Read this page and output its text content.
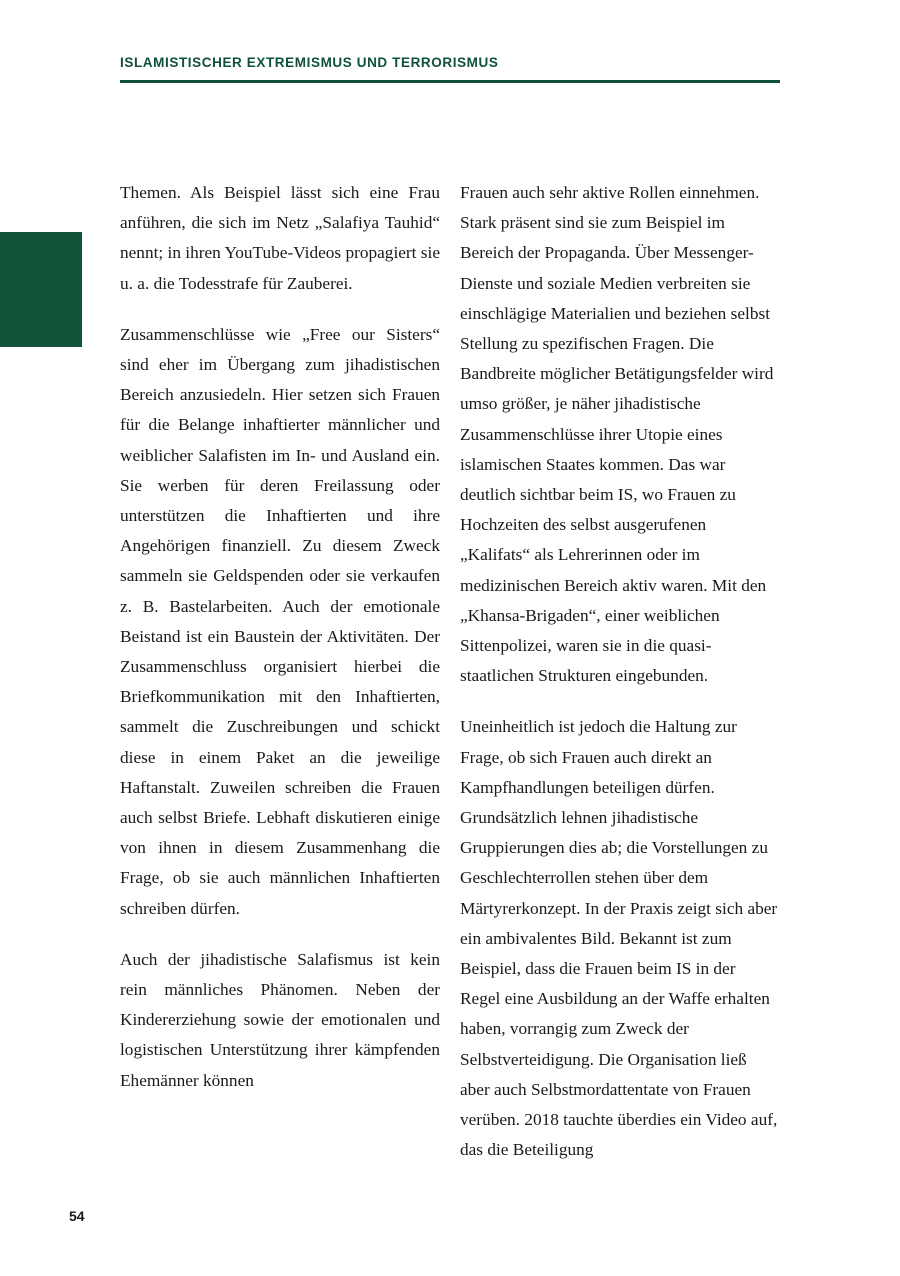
ISLAMISTISCHER EXTREMISMUS UND TERRORISMUS

Themen. Als Beispiel lässt sich eine Frau anführen, die sich im Netz „Salafiya Tauhid“ nennt; in ihren YouTube-Videos propagiert sie u. a. die Todesstrafe für Zauberei.

Zusammenschlüsse wie „Free our Sisters“ sind eher im Übergang zum jihadistischen Bereich anzusiedeln. Hier setzen sich Frauen für die Belange inhaftierter männlicher und weiblicher Salafisten im In- und Ausland ein. Sie werben für deren Freilassung oder unterstützen die Inhaftierten und ihre Angehörigen finanziell. Zu diesem Zweck sammeln sie Geldspenden oder sie verkaufen z. B. Bastelarbeiten. Auch der emotionale Beistand ist ein Baustein der Aktivitäten. Der Zusammenschluss organisiert hierbei die Briefkommunikation mit den Inhaftierten, sammelt die Zuschreibungen und schickt diese in einem Paket an die jeweilige Haftanstalt. Zuweilen schreiben die Frauen auch selbst Briefe. Lebhaft diskutieren einige von ihnen in diesem Zusammenhang die Frage, ob sie auch männlichen Inhaftierten schreiben dürfen.

Auch der jihadistische Salafismus ist kein rein männliches Phänomen. Neben der Kindererziehung sowie der emotionalen und logistischen Unterstützung ihrer kämpfenden Ehemänner können

Frauen auch sehr aktive Rollen einnehmen. Stark präsent sind sie zum Beispiel im Bereich der Propaganda. Über Messenger-Dienste und soziale Medien verbreiten sie einschlägige Materialien und beziehen selbst Stellung zu spezifischen Fragen. Die Bandbreite möglicher Betätigungsfelder wird umso größer, je näher jihadistische Zusammenschlüsse ihrer Utopie eines islamischen Staates kommen. Das war deutlich sichtbar beim IS, wo Frauen zu Hochzeiten des selbst ausgerufenen „Kalifats“ als Lehrerinnen oder im medizinischen Bereich aktiv waren. Mit den „Khansa-Brigaden“, einer weiblichen Sittenpolizei, waren sie in die quasi-staatlichen Strukturen eingebunden.

Uneinheitlich ist jedoch die Haltung zur Frage, ob sich Frauen auch direkt an Kampfhandlungen beteiligen dürfen. Grundsätzlich lehnen jihadistische Gruppierungen dies ab; die Vorstellungen zu Geschlechterrollen stehen über dem Märtyrerkonzept. In der Praxis zeigt sich aber ein ambivalentes Bild. Bekannt ist zum Beispiel, dass die Frauen beim IS in der Regel eine Ausbildung an der Waffe erhalten haben, vorrangig zum Zweck der Selbstverteidigung. Die Organisation ließ aber auch Selbstmordattentate von Frauen verüben. 2018 tauchte überdies ein Video auf, das die Beteiligung

54
